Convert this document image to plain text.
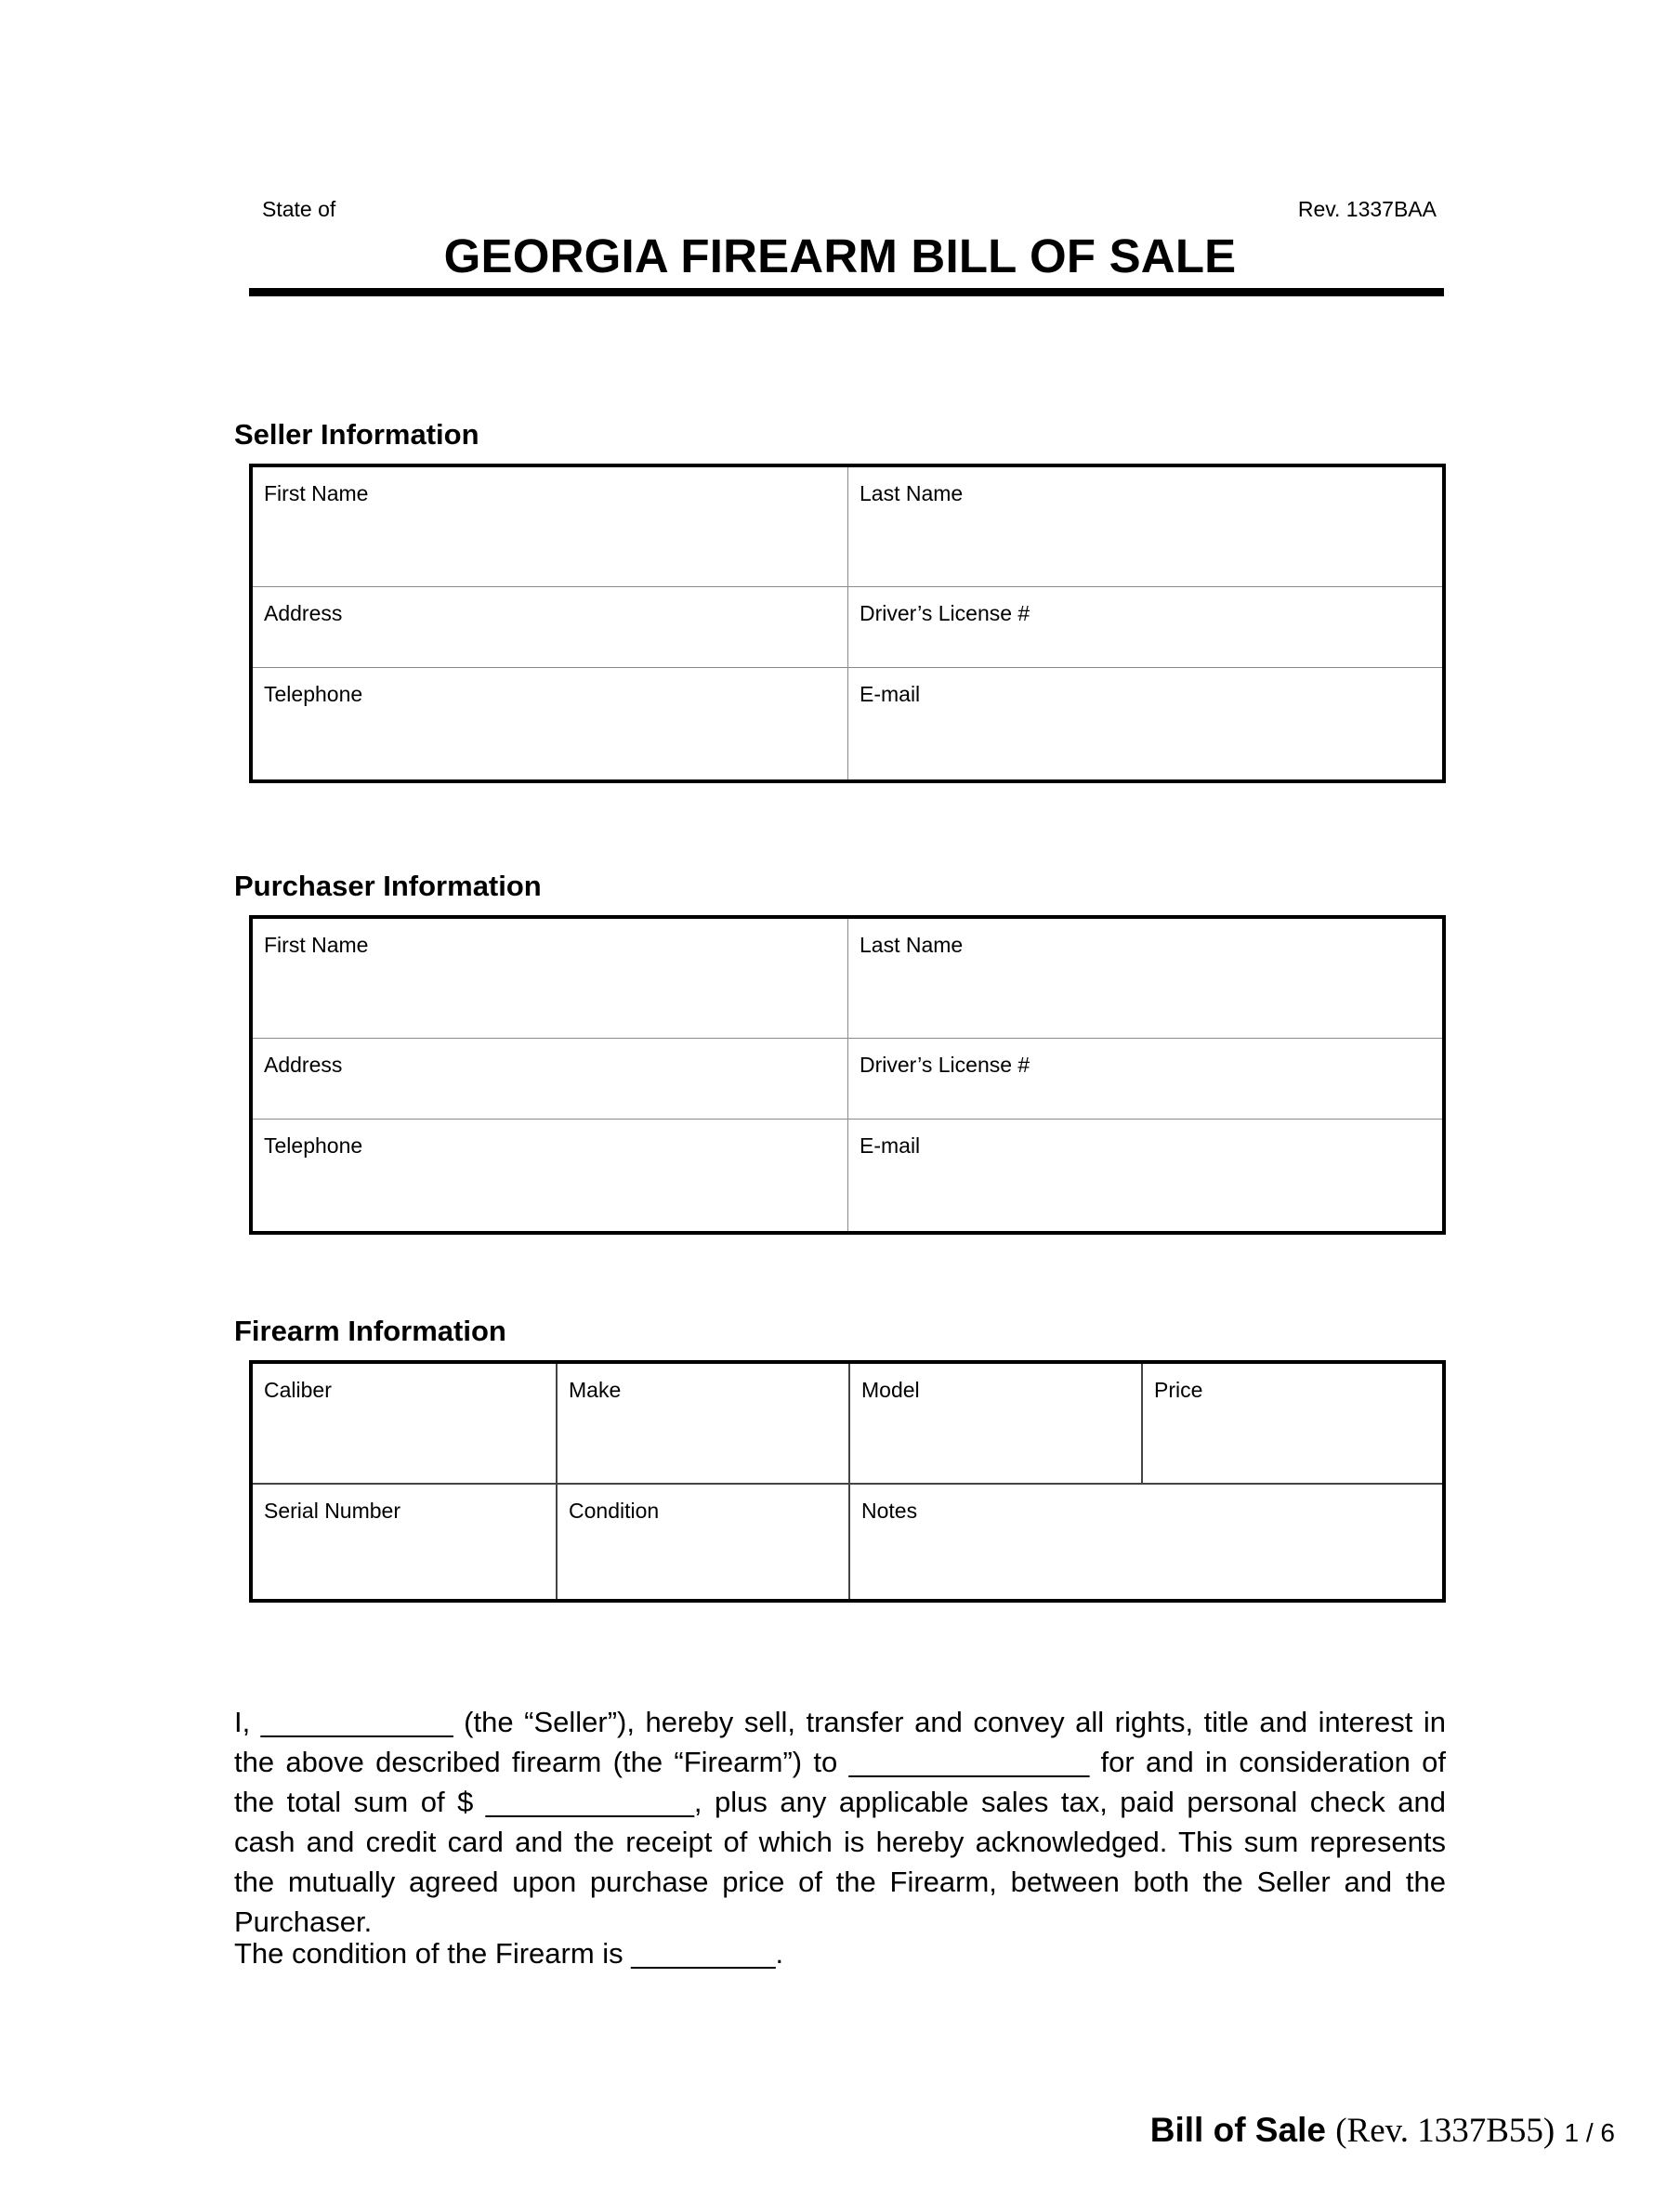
State of	Rev. 1337BAA
GEORGIA FIREARM BILL OF SALE
Seller Information
First Name	Last Name
Address	Driver’s License #
Telephone	E-mail
Purchaser Information
First Name	Last Name
Address	Driver’s License #
Telephone	E-mail
Firearm Information
Caliber	Make	Model	Price
Serial Number	Condition	Notes
I, ____________ (the “Seller”), hereby sell, transfer and convey all rights, title and interest in the above described firearm (the “Firearm”) to _______________ for and in consideration of the total sum of $ _____________, plus any applicable sales tax, paid personal check and cash and credit card and the receipt of which is hereby acknowledged. This sum represents the mutually agreed upon purchase price of the Firearm, between both the Seller and the Purchaser.
The condition of the Firearm is _________.
Bill of Sale (Rev. 1337B55) 1 / 6
